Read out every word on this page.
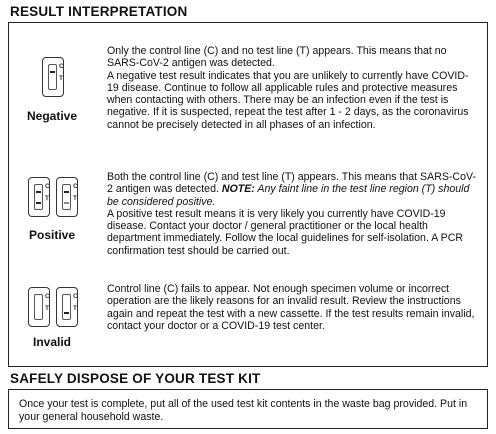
RESULT INTERPRETATION
C
T
Negative

Only the control line (C) and no test line (T) appears. This means that no SARS-CoV-2 antigen was detected.

A negative test result indicates that you are unlikely to currently have COVID-19 disease. Continue to follow all applicable rules and protective measures when contacting with others. There may be an infection even if the test is negative. If it is suspected, repeat the test after 1 - 2 days, as the coronavirus cannot be precisely detected in all phases of an infection.

C
T
C
T
Positive

Both the control line (C) and test line (T) appears. This means that SARS-CoV-2 antigen was detected. NOTE: Any faint line in the test line region (T) should be considered positive.

A positive test result means it is very likely you currently have COVID-19 disease. Contact your doctor / general practitioner or the local health department immediately. Follow the local guidelines for self-isolation. A PCR confirmation test should be carried out.

C
T
C
T
Invalid

Control line (C) fails to appear. Not enough specimen volume or incorrect operation are the likely reasons for an invalid result. Review the instructions again and repeat the test with a new cassette. If the test results remain invalid, contact your doctor or a COVID-19 test center.

SAFELY DISPOSE OF YOUR TEST KIT
Once your test is complete, put all of the used test kit contents in the waste bag provided. Put in your general household waste.
